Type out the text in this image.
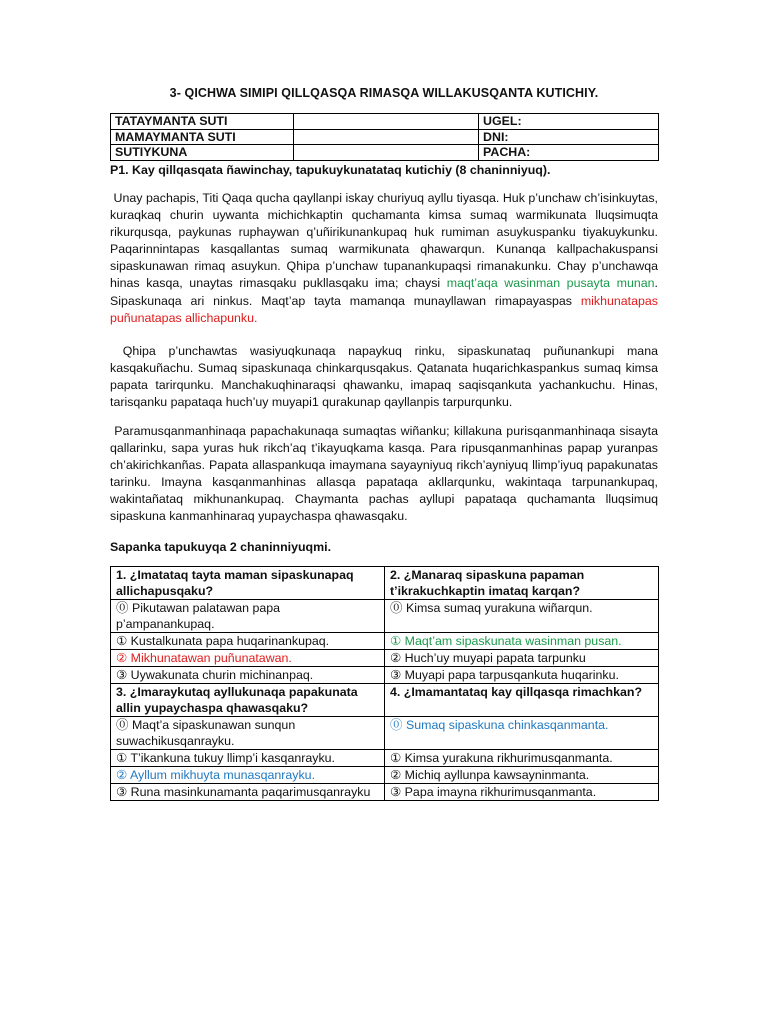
3- QICHWA SIMIPI QILLQASQA RIMASQA WILLAKUSQANTA KUTICHIY.
TATAYMANTA SUTI		UGEL:
MAMAYMANTA SUTI		DNI:
SUTIYKUNA		PACHA:
P1. Kay qillqasqata ñawinchay, tapukuykunatataq kutichiy (8 chaninniyuq).

Unay pachapis, Titi Qaqa qucha qayllanpi iskay churiyuq ayllu tiyasqa. Huk p’unchaw ch’isinkuytas, kuraqkaq churin uywanta michichkaptin quchamanta kimsa sumaq warmikunata lluqsimuqta rikurqusqa, paykunas ruphaywan q’uñirikunankupaq huk rumiman asuykuspanku tiyakuykunku. Paqarinnintapas kasqallantas sumaq warmikunata qhawarqun. Kunanqa kallpachakuspansi sipaskunawan rimaq asuykun. Qhipa p’unchaw tupanankupaqsi rimanakunku. Chay p’unchawqa hinas kasqa, unaytas rimasqaku pukllasqaku ima; chaysi maqt’aqa wasinman pusayta munan. Sipaskunaqa ari ninkus. Maqt’ap tayta mamanqa munayllawan rimapayaspas mikhunatapas puñunatapas allichapunku.

Qhipa p’unchawtas wasiyuqkunaqa napaykuq rinku, sipaskunataq puñunankupi mana kasqakuñachu. Sumaq sipaskunaqa chinkarqusqakus. Qatanata huqarichkaspankus sumaq kimsa papata tarirqunku. Manchakuqhinaraqsi qhawanku, imapaq saqisqankuta yachankuchu. Hinas, tarisqanku papataqa huch’uy muyapi1 qurakunap qayllanpis tarpurqunku.

Paramusqanmanhinaqa papachakunaqa sumaqtas wiñanku; killakuna purisqanmanhinaqa sisayta qallarinku, sapa yuras huk rikch’aq t’ikayuqkama kasqa. Para ripusqanmanhinas papap yuranpas ch’akirichkanñas. Papata allaspankuqa imaymana sayayniyuq rikch’ayniyuq llimp’iyuq papakunatas tarinku. Imayna kasqanmanhinas allasqa papataqa akllarqunku, wakintaqa tarpunankupaq, wakintañataq mikhunankupaq. Chaymanta pachas ayllupi papataqa quchamanta lluqsimuq sipaskuna kanmanhinaraq yupaychaspa qhawasqaku.

Sapanka tapukuyqa 2 chaninniyuqmi.
1. ¿Imatataq tayta maman sipaskunapaq allichapusqaku?	2. ¿Manaraq sipaskuna papaman t’ikrakuchkaptin imataq karqan?
⓪ Pikutawan palatawan papa p’ampanankupaq.	⓪ Kimsa sumaq yurakuna wiñarqun.
① Kustalkunata papa huqarinankupaq.	① Maqt’am sipaskunata wasinman pusan.
② Mikhunatawan puñunatawan.	② Huch’uy muyapi papata tarpunku
③ Uywakunata churin michinanpaq.	③ Muyapi papa tarpusqankuta huqarinku.
3. ¿Imaraykutaq ayllukunaqa papakunata allin yupaychaspa qhawasqaku?	4. ¿Imamantataq kay qillqasqa rimachkan?
⓪ Maqt’a sipaskunawan sunqun suwachikusqanrayku.	⓪ Sumaq sipaskuna chinkasqanmanta.
① T’ikankuna tukuy llimp’i kasqanrayku.	① Kimsa yurakuna rikhurimusqanmanta.
② Ayllum mikhuyta munasqanrayku.	② Michiq ayllunpa kawsayninmanta.
③ Runa masinkunamanta paqarimusqanrayku	③ Papa imayna rikhurimusqanmanta.
